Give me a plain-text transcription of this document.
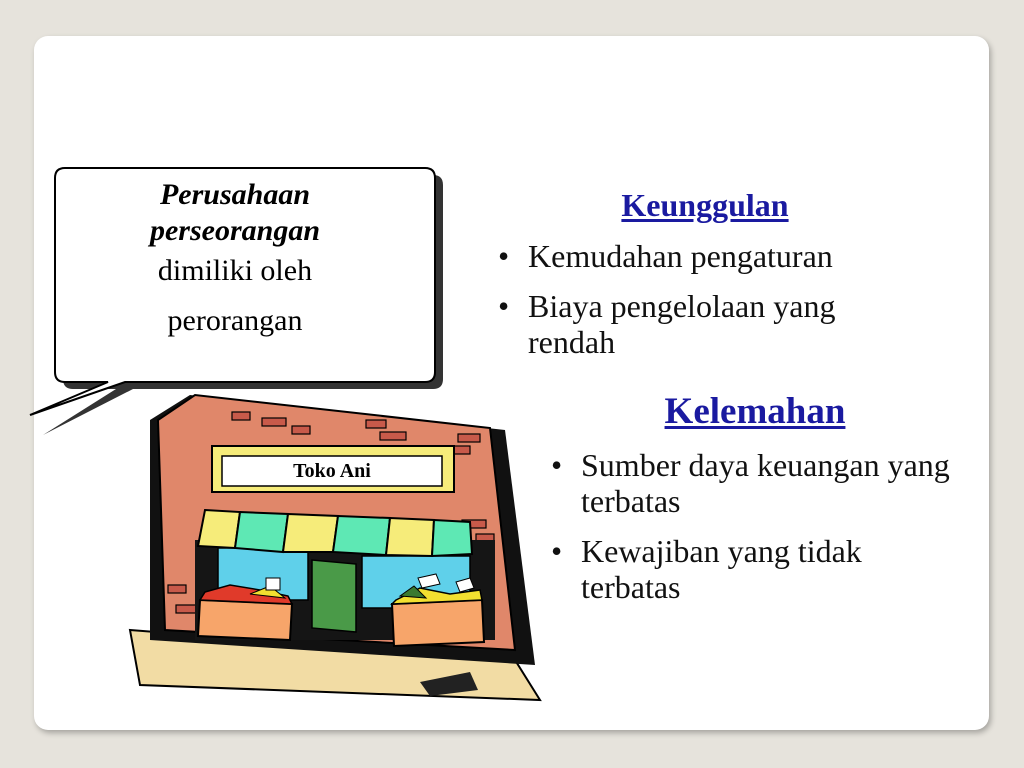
Perusahaan
perseorangan
dimiliki oleh
perorangan
Toko Ani
Keunggulan
• Kemudahan pengaturan
• Biaya pengelolaan yang rendah
Kelemahan
• Sumber daya keuangan yang terbatas
• Kewajiban yang tidak terbatas
